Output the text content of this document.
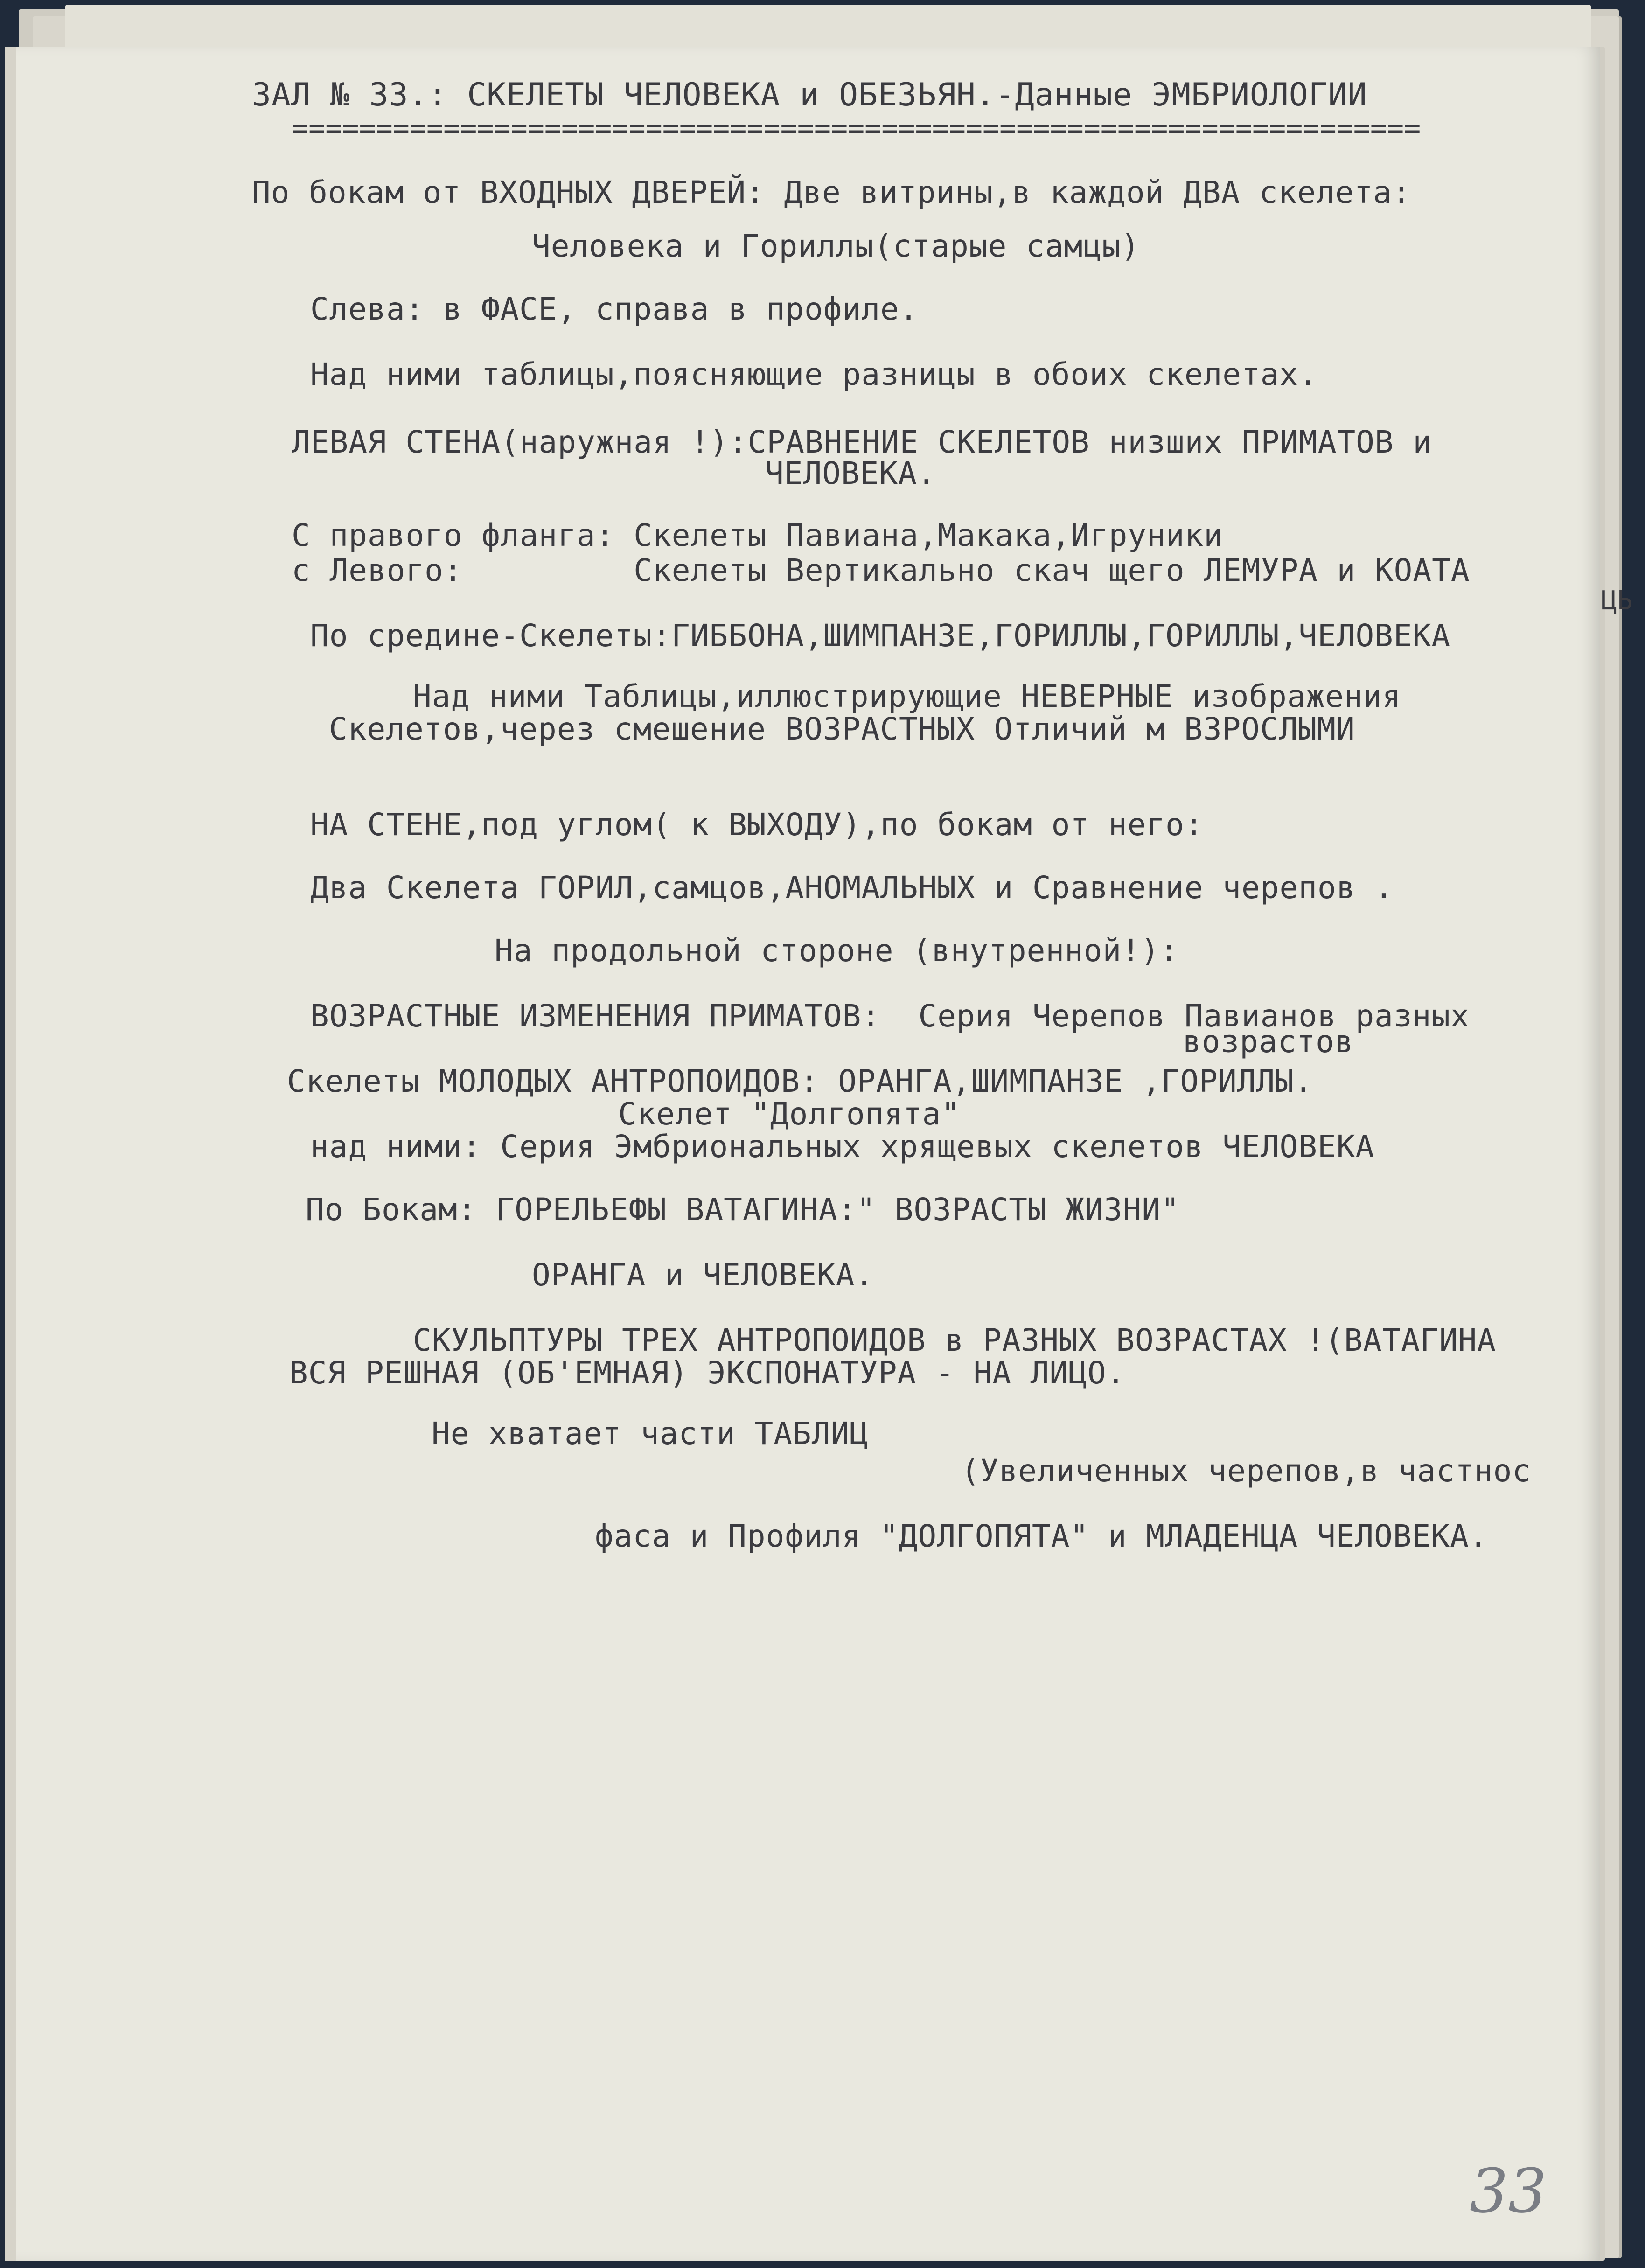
ЗАЛ № 33.: СКЕЛЕТЫ ЧЕЛОВЕКА и ОБЕЗЬЯН.-Данные ЭМБРИОЛОГИИ
===================================================================
По бокам от ВХОДНЫХ ДВЕРЕЙ: Две витрины,в каждой ДВА скелета:
Человека и Гориллы(старые самцы)
Слева: в ФАСЕ, справа в профиле.
Над ними таблицы,поясняющие разницы в обоих скелетах.
ЛЕВАЯ СТЕНА(наружная !):СРАВНЕНИЕ СКЕЛЕТОВ низших ПРИМАТОВ и
ЧЕЛОВЕКА.
С правого фланга: Скелеты Павиана,Макака,Игруники
с Левого:         Скелеты Вертикально скач щего ЛЕМУРА и КОАТА
По средине-Скелеты:ГИББОНА,ШИМПАНЗЕ,ГОРИЛЛЫ,ГОРИЛЛЫ,ЧЕЛОВЕКА
Над ними Таблицы,иллюстрирующие НЕВЕРНЫЕ изображения
Скелетов,через смешение ВОЗРАСТНЫХ Отличий м ВЗРОСЛЫМИ
НА СТЕНЕ,под углом( к ВЫХОДУ),по бокам от него:
Два Скелета ГОРИЛ,самцов,АНОМАЛЬНЫХ и Сравнение черепов .
На продольной стороне (внутренной!):
ВОЗРАСТНЫЕ ИЗМЕНЕНИЯ ПРИМАТОВ:  Серия Черепов Павианов разных
возрастов
Скелеты МОЛОДЫХ АНТРОПОИДОВ: ОРАНГА,ШИМПАНЗЕ ,ГОРИЛЛЫ.
Скелет "Долгопята"
над ними: Серия Эмбриональных хрящевых скелетов ЧЕЛОВЕКА
По Бокам: ГОРЕЛЬЕФЫ ВАТАГИНА:" ВОЗРАСТЫ ЖИЗНИ"
ОРАНГА и ЧЕЛОВЕКА.
СКУЛЬПТУРЫ ТРЕХ АНТРОПОИДОВ в РАЗНЫХ ВОЗРАСТАХ !(ВАТАГИНА
ВСЯ РЕШНАЯ (ОБ'ЕМНАЯ) ЭКСПОНАТУРА - НА ЛИЦО.
Не хватает части ТАБЛИЦ
(Увеличенных черепов,в частнос
фаса и Профиля "ДОЛГОПЯТА" и МЛАДЕНЦА ЧЕЛОВЕКА.
ЦЬ
33
